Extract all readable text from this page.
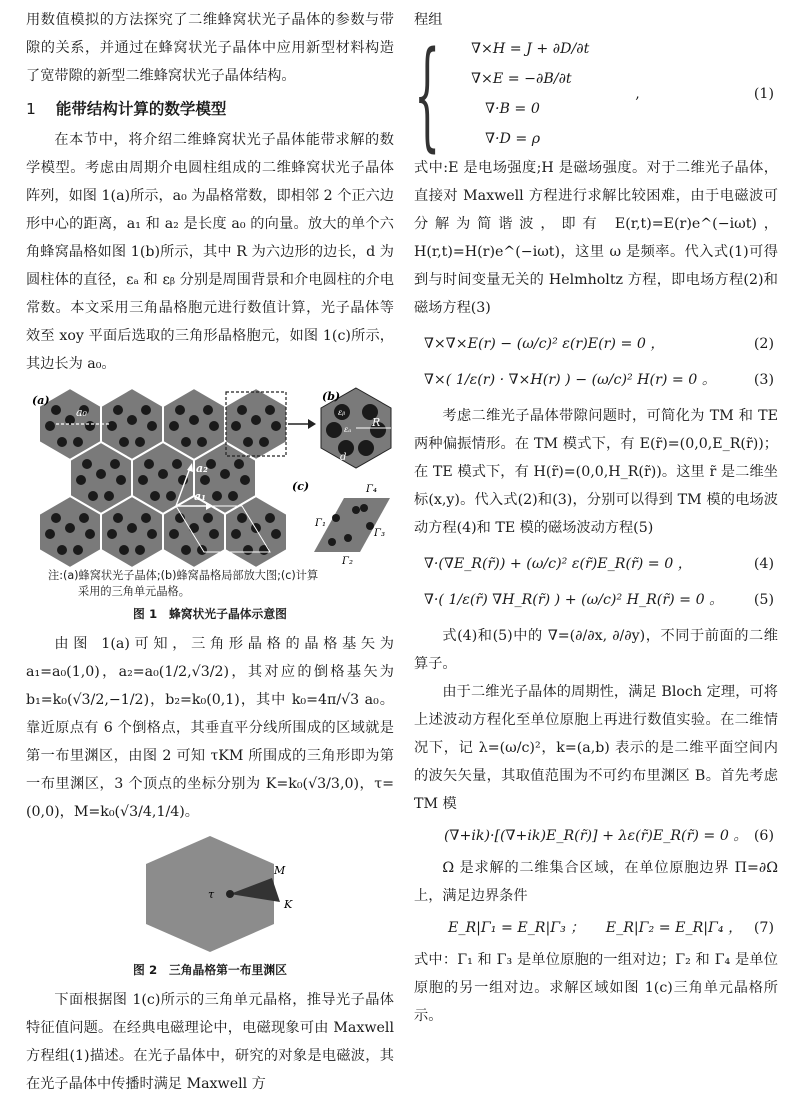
用数值模拟的方法探究了二维蜂窝状光子晶体的参数与带隙的关系，并通过在蜂窝状光子晶体中应用新型材料构造了宽带隙的新型二维蜂窝状光子晶体结构。

1 能带结构计算的数学模型

在本节中，将介绍二维蜂窝状光子晶体能带求解的数学模型。考虑由周期介电圆柱组成的二维蜂窝状光子晶体阵列，如图 1(a)所示，a₀ 为晶格常数，即相邻 2 个正六边形中心的距离，a₁ 和 a₂ 是长度 a₀ 的向量。放大的单个六角蜂窝晶格如图 1(b)所示，其中 R 为六边形的边长，d 为圆柱体的直径，εₐ 和 εᵦ 分别是周围背景和介电圆柱的介电常数。本文采用三角晶格胞元进行数值计算，光子晶体等效至 xoy 平面后选取的三角形晶格胞元，如图 1(c)所示，其边长为 a₀。

a₀
a₁
a₂
(a)	(b)
εᵦ
εₐ
R
d
(c)	Γ₄
Γ₁
Γ₃
Γ₂
注:(a)蜂窝状光子晶体;(b)蜂窝晶格局部放大图;(c)计算
采用的三角单元晶格。
图 1　蜂窝状光子晶体示意图

由图 1(a)可知，三角形晶格的晶格基矢为 a₁=a₀(1,0)，a₂=a₀(1/2,√3/2)，其对应的倒格基矢为 b₁=k₀(√3/2,−1/2)，b₂=k₀(0,1)，其中 k₀=4π/√3 a₀。靠近原点有 6 个倒格点，其垂直平分线所围成的区域就是第一布里渊区，由图 2 可知 τKM 所围成的三角形即为第一布里渊区，3 个顶点的坐标分别为 K=k₀(√3/3,0)，τ=(0,0)，M=k₀(√3/4,1/4)。

τ
M
K
图 2　三角晶格第一布里渊区

下面根据图 1(c)所示的三角单元晶格，推导光子晶体特征值问题。在经典电磁理论中，电磁现象可由 Maxwell 方程组(1)描述。在光子晶体中，研究的对象是电磁波，其在光子晶体中传播时满足 Maxwell 方

程组

{ ∇×H = J + ∂D/∂t
∇×E = −∂B/∂t
∇·B = 0
∇·D = ρ
,	(1)

式中:E 是电场强度;H 是磁场强度。对于二维光子晶体，直接对 Maxwell 方程进行求解比较困难，由于电磁波可分解为简谐波，即有 E(r,t)=E(r)e^(−iωt)，H(r,t)=H(r)e^(−iωt)，这里 ω 是频率。代入式(1)可得到与时间变量无关的 Helmholtz 方程，即电场方程(2)和磁场方程(3)

∇×∇×E(r) − (ω/c)² ε(r)E(r) = 0 ，	(2)
∇×( 1/ε(r) · ∇×H(r) ) − (ω/c)² H(r) = 0 。	(3)

考虑二维光子晶体带隙问题时，可简化为 TM 和 TE 两种偏振情形。在 TM 模式下，有 E(r̃)=(0,0,E_R(r̃))；在 TE 模式下，有 H(r̃)=(0,0,H_R(r̃))。这里 r̃ 是二维坐标(x,y)。代入式(2)和(3)，分别可以得到 TM 模的电场波动方程(4)和 TE 模的磁场波动方程(5)

∇·(∇E_R(r̃)) + (ω/c)² ε(r̃)E_R(r̃) = 0 ，	(4)
∇·( 1/ε(r̃) ∇H_R(r̃) ) + (ω/c)² H_R(r̃) = 0 。 (5)

式(4)和(5)中的 ∇=(∂/∂x, ∂/∂y)，不同于前面的二维算子。

由于二维光子晶体的周期性，满足 Bloch 定理，可将上述波动方程化至单位原胞上再进行数值实验。在二维情况下，记 λ=(ω/c)²，k=(a,b) 表示的是二维平面空间内的波矢矢量，其取值范围为不可约布里渊区 B。首先考虑 TM 模

(∇+ik)·[(∇+ik)E_R(r̃)] + λε(r̃)E_R(r̃) = 0 。 (6)

Ω 是求解的二维集合区域，在单位原胞边界 Π=∂Ω 上，满足边界条件

E_R|Γ₁ = E_R|Γ₃ ；　　E_R|Γ₂ = E_R|Γ₄ ， (7)

式中：Γ₁ 和 Γ₃ 是单位原胞的一组对边；Γ₂ 和 Γ₄ 是单位原胞的另一组对边。求解区域如图 1(c)三角单元晶格所示。
